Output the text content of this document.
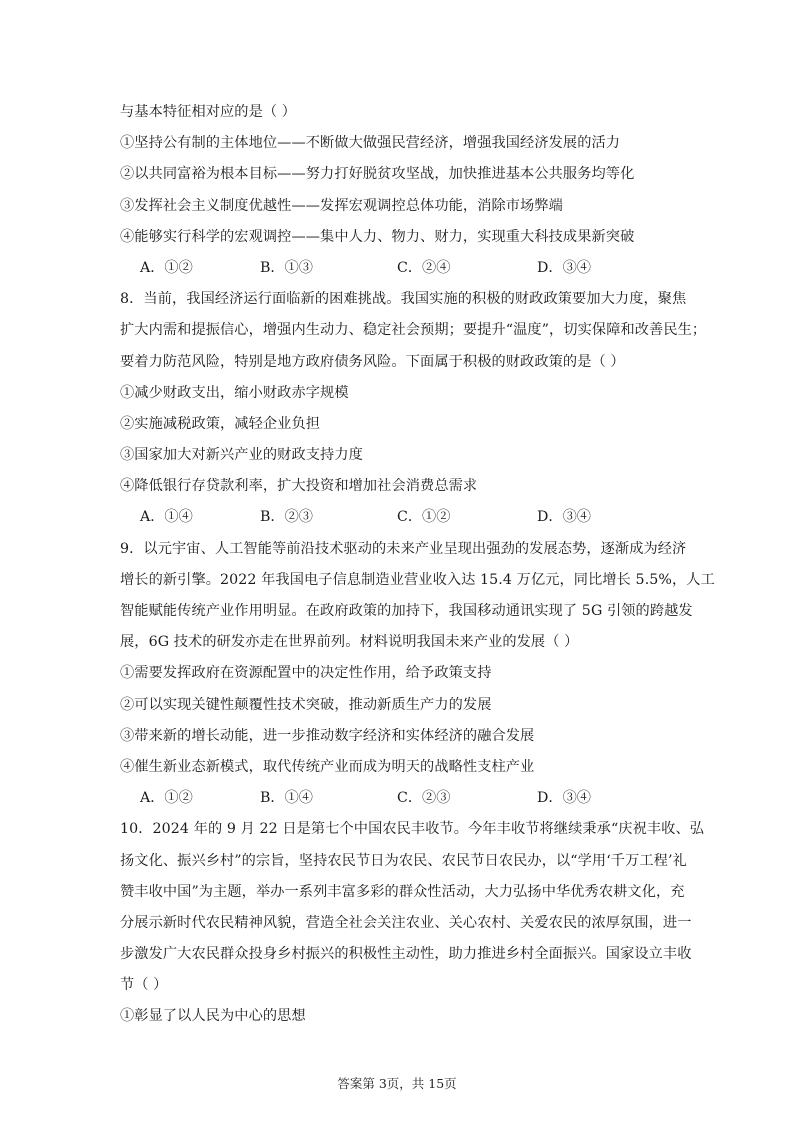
与基本特征相对应的是（ ）
①坚持公有制的主体地位——不断做大做强民营经济，增强我国经济发展的活力
②以共同富裕为根本目标——努力打好脱贫攻坚战，加快推进基本公共服务均等化
③发挥社会主义制度优越性——发挥宏观调控总体功能，消除市场弊端
④能够实行科学的宏观调控——集中人力、物力、财力，实现重大科技成果新突破
A．①②	B．①③	C．②④	D．③④
8．当前，我国经济运行面临新的困难挑战。我国实施的积极的财政政策要加大力度，聚焦
扩大内需和提振信心，增强内生动力、稳定社会预期；要提升“温度”，切实保障和改善民生；
要着力防范风险，特别是地方政府债务风险。下面属于积极的财政政策的是（ ）
①减少财政支出，缩小财政赤字规模
②实施减税政策，减轻企业负担
③国家加大对新兴产业的财政支持力度
④降低银行存贷款利率，扩大投资和增加社会消费总需求
A．①④	B．②③	C．①②	D．③④
9．以元宇宙、人工智能等前沿技术驱动的未来产业呈现出强劲的发展态势，逐渐成为经济
增长的新引擎。2022 年我国电子信息制造业营业收入达 15.4 万亿元，同比增长 5.5%，人工
智能赋能传统产业作用明显。在政府政策的加持下，我国移动通讯实现了 5G 引领的跨越发
展，6G 技术的研发亦走在世界前列。材料说明我国未来产业的发展（ ）
①需要发挥政府在资源配置中的决定性作用，给予政策支持
②可以实现关键性颠覆性技术突破，推动新质生产力的发展
③带来新的增长动能，进一步推动数字经济和实体经济的融合发展
④催生新业态新模式，取代传统产业而成为明天的战略性支柱产业
A．①②	B．①④	C．②③	D．③④
10．2024 年的 9 月 22 日是第七个中国农民丰收节。今年丰收节将继续秉承“庆祝丰收、弘
扬文化、振兴乡村”的宗旨，坚持农民节日为农民、农民节日农民办，以“学用‘千万工程’礼
赞丰收中国”为主题，举办一系列丰富多彩的群众性活动，大力弘扬中华优秀农耕文化，充
分展示新时代农民精神风貌，营造全社会关注农业、关心农村、关爱农民的浓厚氛围，进一
步激发广大农民群众投身乡村振兴的积极性主动性，助力推进乡村全面振兴。国家设立丰收
节（ ）
①彰显了以人民为中心的思想
答案第 3页，共 15页
